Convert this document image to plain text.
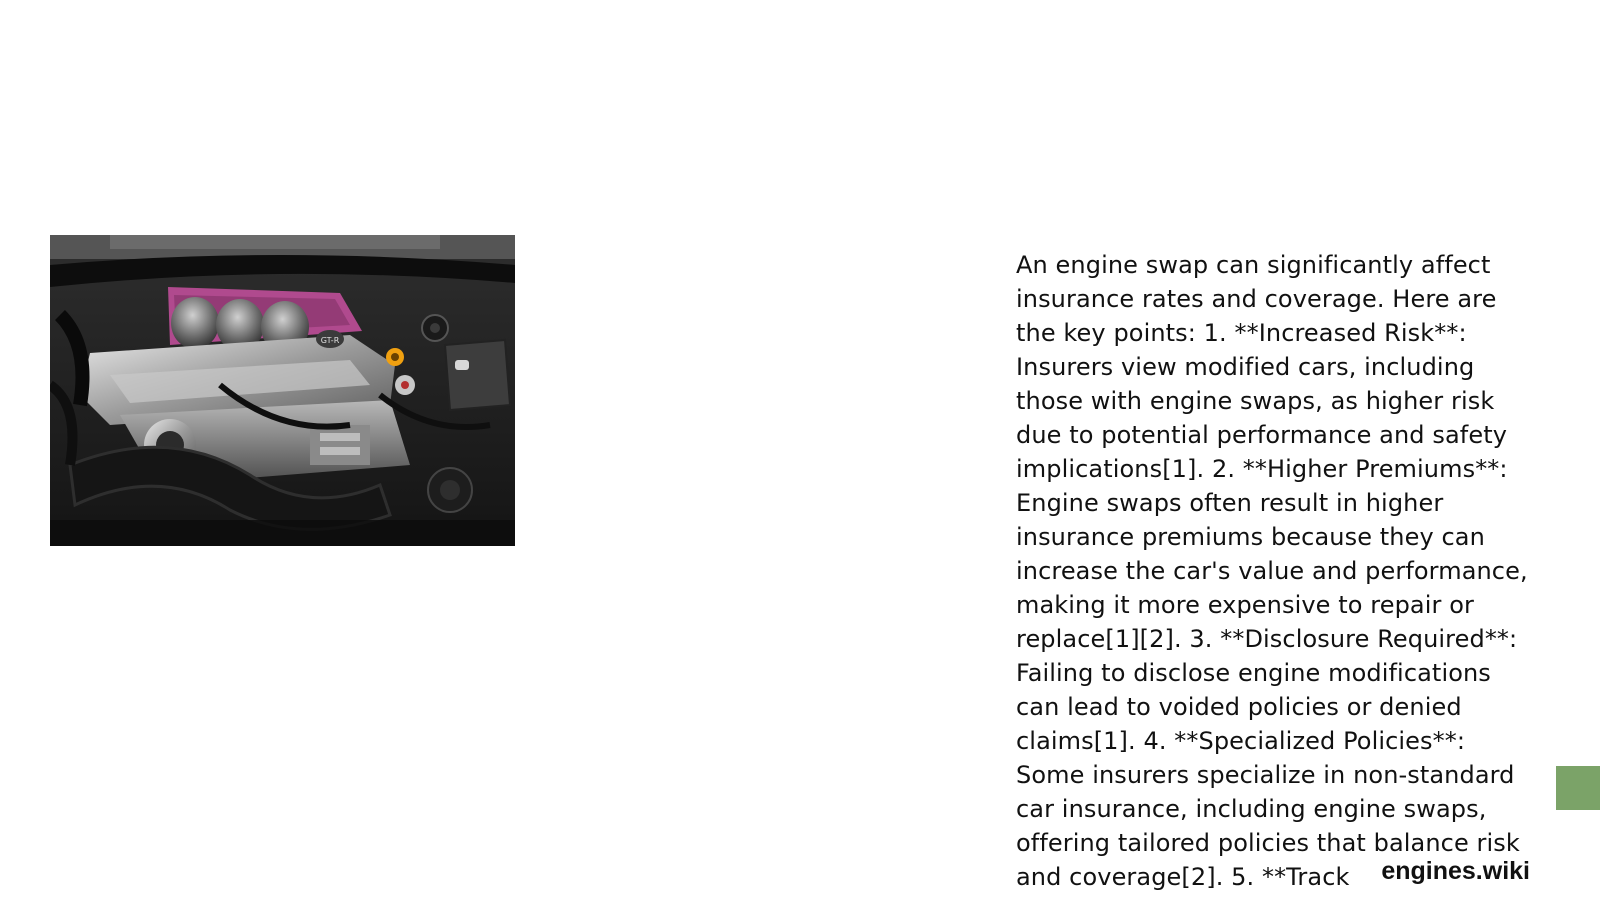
GT-R

An engine swap can significantly affect insurance rates and coverage. Here are the key points: 1. **Increased Risk**: Insurers view modified cars, including those with engine swaps, as higher risk due to potential performance and safety implications[1]. 2. **Higher Premiums**: Engine swaps often result in higher insurance premiums because they can increase the car's value and performance, making it more expensive to repair or replace[1][2]. 3. **Disclosure Required**: Failing to disclose engine modifications can lead to voided policies or denied claims[1]. 4. **Specialized Policies**: Some insurers specialize in non-standard car insurance, including engine swaps, offering tailored policies that balance risk and coverage[2]. 5. **Track	engines.wiki
